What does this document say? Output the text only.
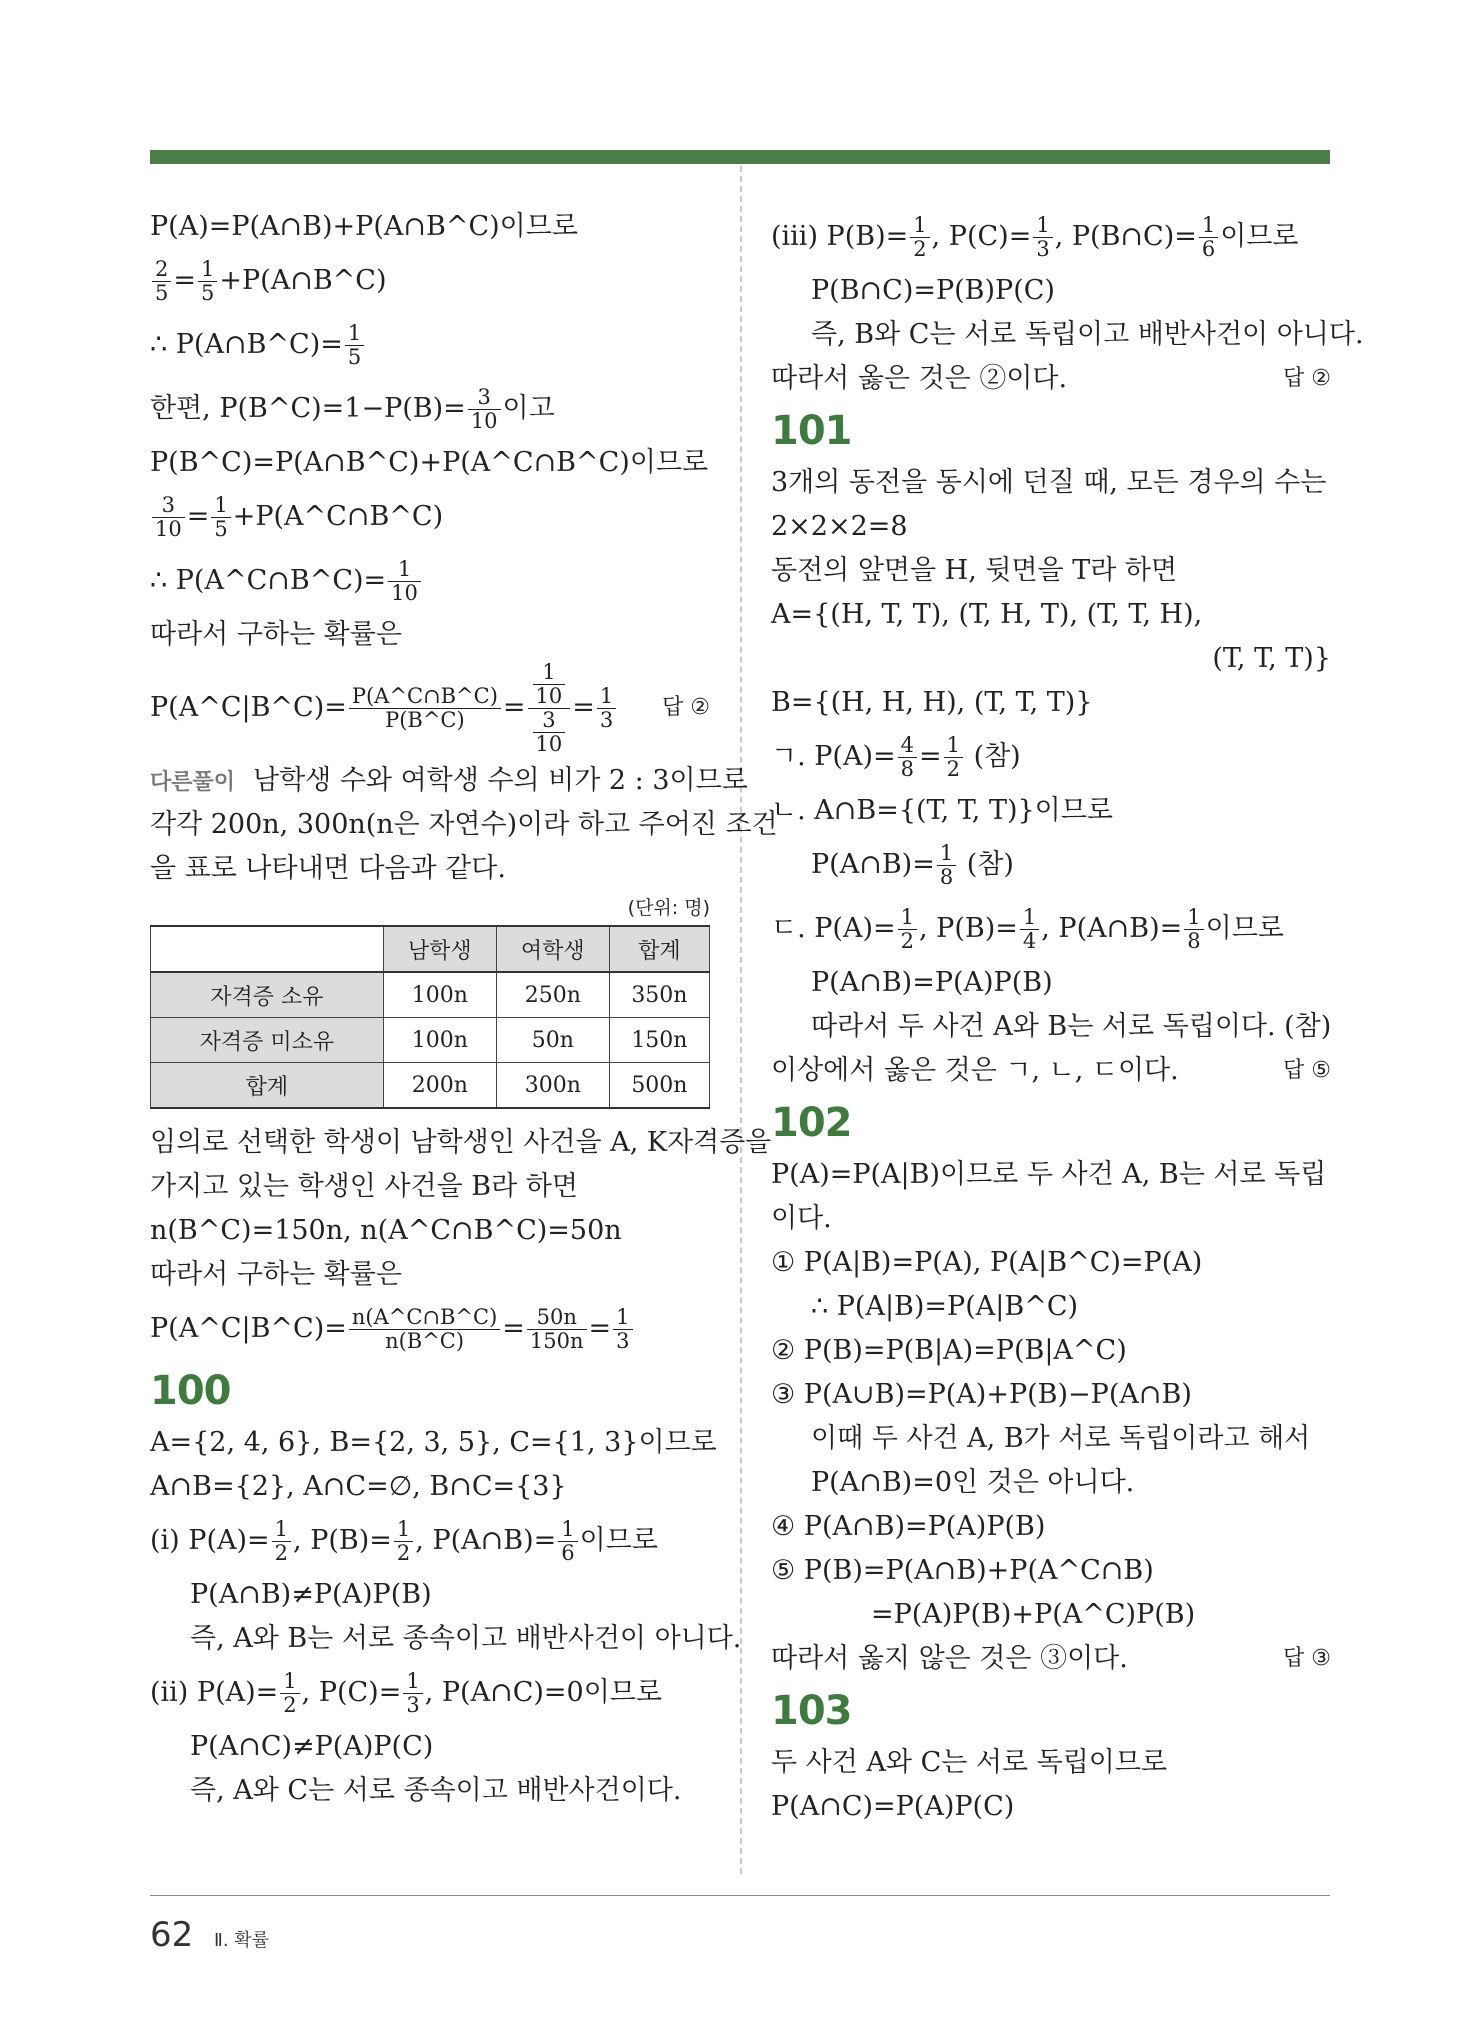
P(A)=P(A∩B)+P(A∩B^C)이므로
$\frac{2}{5} = \frac{1}{5}$ +P(A∩B^C)
∴ P(A∩B^C)= $\frac{1}{5}$
한편, P(B^C)=1−P(B)= $\frac{3}{10}$ 이고
P(B^C)=P(A∩B^C)+P(A^C∩B^C)이므로
$\frac{3}{10} = \frac{1}{5}$ +P(A^C∩B^C)
∴ P(A^C∩B^C)= $\frac{1}{10}$
따라서 구하는 확률은
P(A^C|B^C)= $\frac{P(A\^{}C\cap B\^{}C)}{P(B\^{}C)} = \frac{\frac{1}{10}}{\frac{3}{10}} = \frac{1}{3}$ 답 ②
다른풀이 남학생 수와 여학생 수의 비가 2 : 3이므로
각각 200n, 300n(n은 자연수)이라 하고 주어진 조건
을 표로 나타내면 다음과 같다.
(단위: 명)
	남학생	여학생	합계
자격증 소유	100n	250n	350n
자격증 미소유	100n	50n	150n
합계	200n	300n	500n
임의로 선택한 학생이 남학생인 사건을 A, K자격증을
가지고 있는 학생인 사건을 B라 하면
n(B^C)=150n, n(A^C∩B^C)=50n
따라서 구하는 확률은
P(A^C|B^C)= $\frac{n(A\^{}C\cap B\^{}C)}{n(B\^{}C)} = \frac{50n}{150n} = \frac{1}{3}$
100
A={2, 4, 6}, B={2, 3, 5}, C={1, 3}이므로
A∩B={2}, A∩C=∅, B∩C={3}
(i) $P(A)= \frac{1}{2}$ , $P(B)= \frac{1}{2}$ , P(A∩B)= $\frac{1}{6}$ 이므로
P(A∩B)≠P(A)P(B)
즉, A와 B는 서로 종속이고 배반사건이 아니다.
(ii) $P(A)= \frac{1}{2}$ , $P(C)= \frac{1}{3}$ , P(A∩C)=0이므로
P(A∩C)≠P(A)P(C)
즉, A와 C는 서로 종속이고 배반사건이다.
(iii) $P(B)= \frac{1}{2}$ , $P(C)= \frac{1}{3}$ , P(B∩C)= $\frac{1}{6}$ 이므로
P(B∩C)=P(B)P(C)
즉, B와 C는 서로 독립이고 배반사건이 아니다.
따라서 옳은 것은 ②이다.	답 ②
101
3개의 동전을 동시에 던질 때, 모든 경우의 수는
2×2×2=8
동전의 앞면을 H, 뒷면을 T라 하면
A={(H, T, T), (T, H, T), (T, T, H),
(T, T, T)}
B={(H, H, H), (T, T, T)}
ㄱ. $P(A)= \frac{4}{8} = \frac{1}{2}$ (참)
ㄴ. A∩B={(T, T, T)}이므로
P(A∩B)= $\frac{1}{8}$ (참)
ㄷ. $P(A)= \frac{1}{2}$ , $P(B)= \frac{1}{4}$ , P(A∩B)= $\frac{1}{8}$ 이므로
P(A∩B)=P(A)P(B)
따라서 두 사건 A와 B는 서로 독립이다. (참)
이상에서 옳은 것은 ㄱ, ㄴ, ㄷ이다.	답 ⑤
102
P(A)=P(A|B)이므로 두 사건 A, B는 서로 독립
이다.
① P(A|B)=P(A), P(A|B^C)=P(A)
∴ P(A|B)=P(A|B^C)
② P(B)=P(B|A)=P(B|A^C)
③ P(A∪B)=P(A)+P(B)−P(A∩B)
이때 두 사건 A, B가 서로 독립이라고 해서
P(A∩B)=0인 것은 아니다.
④ P(A∩B)=P(A)P(B)
⑤ P(B)=P(A∩B)+P(A^C∩B)
=P(A)P(B)+P(A^C)P(B)
따라서 옳지 않은 것은 ③이다.	답 ③
103
두 사건 A와 C는 서로 독립이므로
P(A∩C)=P(A)P(C)
62 Ⅱ. 확률
